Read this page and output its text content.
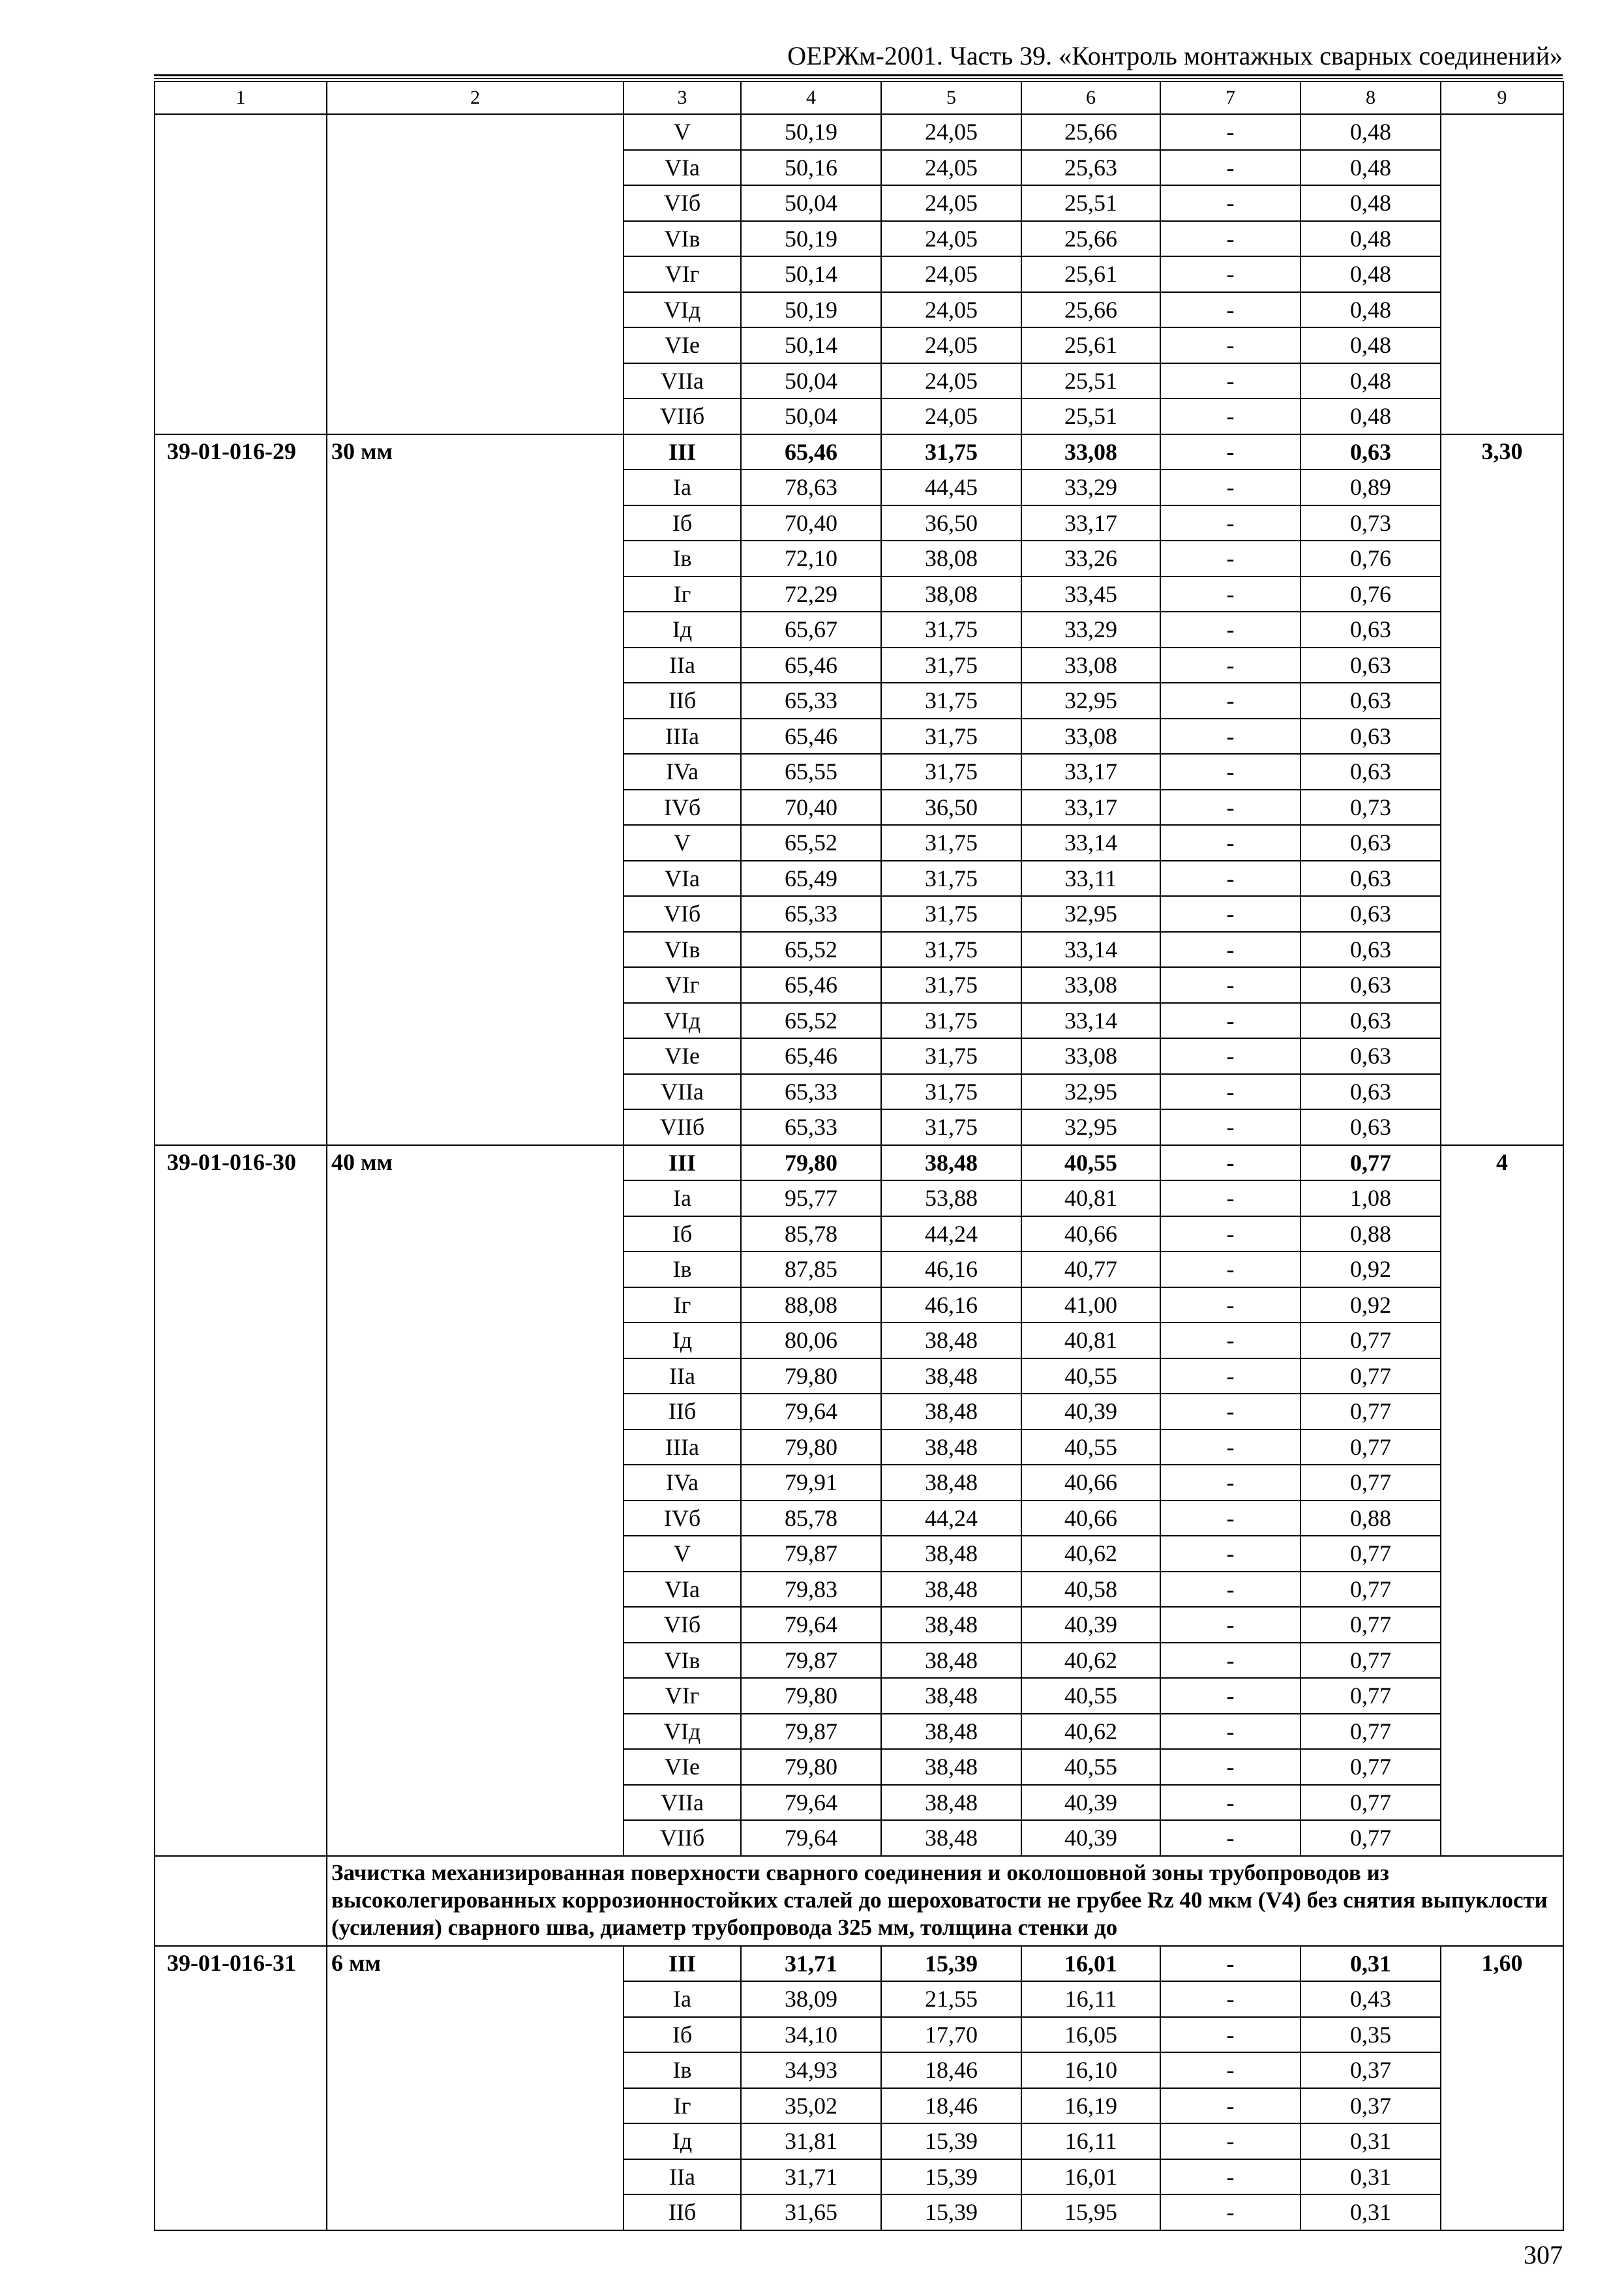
ОЕРЖм-2001. Часть 39. «Контроль монтажных сварных соединений»
1	2	3	4	5	6	7	8	9
		V	50,19	24,05	25,66	-	0,48	
		VIa	50,16	24,05	25,63	-	0,48	
		VIб	50,04	24,05	25,51	-	0,48	
		VIв	50,19	24,05	25,66	-	0,48	
		VIг	50,14	24,05	25,61	-	0,48	
		VIд	50,19	24,05	25,66	-	0,48	
		VIe	50,14	24,05	25,61	-	0,48	
		VIIa	50,04	24,05	25,51	-	0,48	
		VIIб	50,04	24,05	25,51	-	0,48	
39-01-016-29	30 мм	III	65,46	31,75	33,08	-	0,63	3,30
		Ia	78,63	44,45	33,29	-	0,89	
		Iб	70,40	36,50	33,17	-	0,73	
		Iв	72,10	38,08	33,26	-	0,76	
		Iг	72,29	38,08	33,45	-	0,76	
		Iд	65,67	31,75	33,29	-	0,63	
		IIa	65,46	31,75	33,08	-	0,63	
		IIб	65,33	31,75	32,95	-	0,63	
		IIIa	65,46	31,75	33,08	-	0,63	
		IVa	65,55	31,75	33,17	-	0,63	
		IVб	70,40	36,50	33,17	-	0,73	
		V	65,52	31,75	33,14	-	0,63	
		VIa	65,49	31,75	33,11	-	0,63	
		VIб	65,33	31,75	32,95	-	0,63	
		VIв	65,52	31,75	33,14	-	0,63	
		VIг	65,46	31,75	33,08	-	0,63	
		VIд	65,52	31,75	33,14	-	0,63	
		VIe	65,46	31,75	33,08	-	0,63	
		VIIa	65,33	31,75	32,95	-	0,63	
		VIIб	65,33	31,75	32,95	-	0,63	
39-01-016-30	40 мм	III	79,80	38,48	40,55	-	0,77	4
		Ia	95,77	53,88	40,81	-	1,08	
		Iб	85,78	44,24	40,66	-	0,88	
		Iв	87,85	46,16	40,77	-	0,92	
		Iг	88,08	46,16	41,00	-	0,92	
		Iд	80,06	38,48	40,81	-	0,77	
		IIa	79,80	38,48	40,55	-	0,77	
		IIб	79,64	38,48	40,39	-	0,77	
		IIIa	79,80	38,48	40,55	-	0,77	
		IVa	79,91	38,48	40,66	-	0,77	
		IVб	85,78	44,24	40,66	-	0,88	
		V	79,87	38,48	40,62	-	0,77	
		VIa	79,83	38,48	40,58	-	0,77	
		VIб	79,64	38,48	40,39	-	0,77	
		VIв	79,87	38,48	40,62	-	0,77	
		VIг	79,80	38,48	40,55	-	0,77	
		VIд	79,87	38,48	40,62	-	0,77	
		VIe	79,80	38,48	40,55	-	0,77	
		VIIa	79,64	38,48	40,39	-	0,77	
		VIIб	79,64	38,48	40,39	-	0,77	
	Зачистка механизированная поверхности сварного соединения и околошовной зоны трубопроводов из высоколегированных коррозионностойких сталей до шероховатости не грубее Rz 40 мкм (V4) без снятия выпуклости (усиления) сварного шва, диаметр трубопровода 325 мм, толщина стенки до							
39-01-016-31	6 мм	III	31,71	15,39	16,01	-	0,31	1,60
		Ia	38,09	21,55	16,11	-	0,43	
		Iб	34,10	17,70	16,05	-	0,35	
		Iв	34,93	18,46	16,10	-	0,37	
		Iг	35,02	18,46	16,19	-	0,37	
		Iд	31,81	15,39	16,11	-	0,31	
		IIa	31,71	15,39	16,01	-	0,31	
		IIб	31,65	15,39	15,95	-	0,31	
307
